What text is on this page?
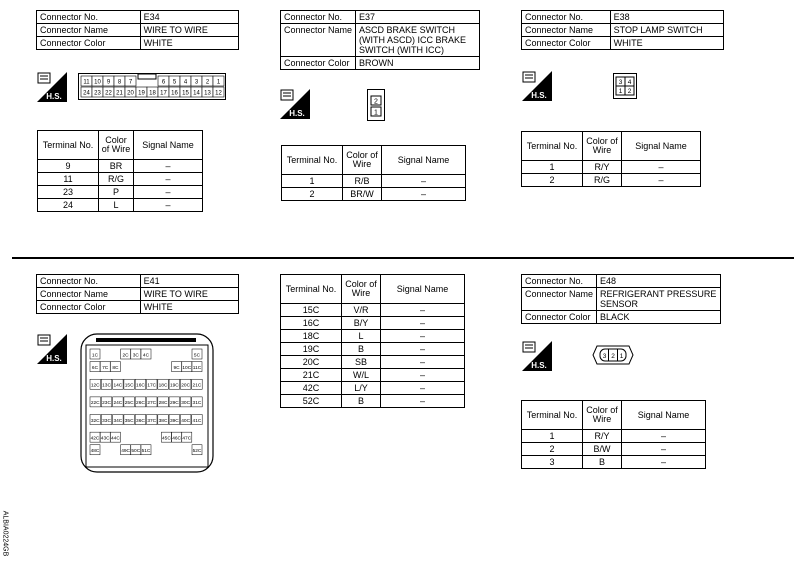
Connector No.	E34
Connector Name	WIRE TO WIRE
Connector Color	WHITE
H.S.
11 10 9 8 7	6 5 4 3 2 1
24 23 22 21 20 19 18 17 16 15 14 13 12
Terminal No.	Color of Wire	Signal Name
9	BR	–
11	R/G	–
23	P	–
24	L	–
Connector No.	E37
Connector Name	ASCD BRAKE SWITCH (WITH ASCD) ICC BRAKE SWITCH (WITH ICC)
Connector Color	BROWN
H.S.
2
1
Terminal No.	Color of Wire	Signal Name
1	R/B	–
2	BR/W	–
Connector No.	E38
Connector Name	STOP LAMP SWITCH
Connector Color	WHITE
H.S.
3 4
1 2
Terminal No.	Color of Wire	Signal Name
1	R/Y	–
2	R/G	–
Connector No.	E41
Connector Name	WIRE TO WIRE
Connector Color	WHITE
H.S.	1C	2C 3C 4C	5C
6C 7C 8C	9C 10C 11C
12C 13C 14C 15C 16C 17C 18C 19C 20C 21C
22C 23C 24C 25C 26C 27C 28C 29C 30C 31C
32C 33C 34C 35C 36C 37C 38C 39C 40C 41C
42C 43C 44C	45C 46C 47C
48C	49C 50C 51C	52C
Terminal No.	Color of Wire	Signal Name
15C	V/R	–
16C	B/Y	–
18C	L	–
19C	B	–
20C	SB	–
21C	W/L	–
42C	L/Y	–
52C	B	–
Connector No.	E48
Connector Name	REFRIGERANT PRESSURE SENSOR
Connector Color	BLACK
H.S.
3 2 1
Terminal No.	Color of Wire	Signal Name
1	R/Y	–
2	B/W	–
3	B	–
ALBIA0224GB
